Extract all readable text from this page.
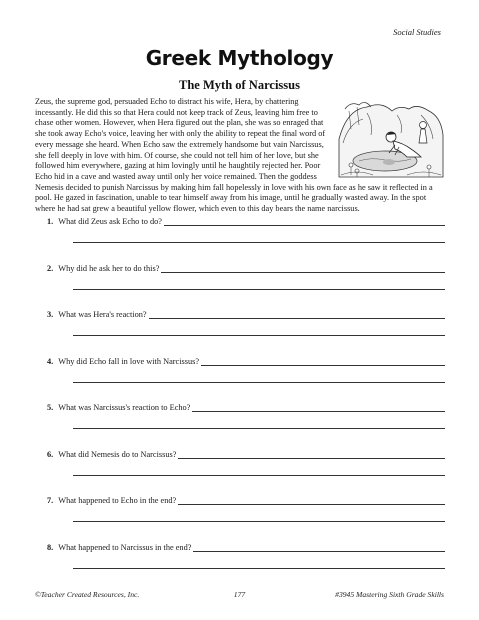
Social Studies
Greek Mythology
The Myth of Narcissus
Zeus, the supreme god, persuaded Echo to distract his wife, Hera, by chattering incessantly. He did this so that Hera could not keep track of Zeus, leaving him free to chase other women. However, when Hera figured out the plan, she was so enraged that she took away Echo's voice, leaving her with only the ability to repeat the final word of every message she heard. When Echo saw the extremely handsome but vain Narcissus, she fell deeply in love with him. Of course, she could not tell him of her love, but she followed him everywhere, gazing at him lovingly until he haughtily rejected her. Poor Echo hid in a cave and wasted away until only her voice remained. Then the goddess Nemesis decided to punish Narcissus by making him fall hopelessly in love with his own face as he saw it reflected in a pool. He gazed in fascination, unable to tear himself away from his image, until he gradually wasted away. In the spot where he had sat grew a beautiful yellow flower, which even to this day bears the name narcissus.
1. What did Zeus ask Echo to do?
2. Why did he ask her to do this?
3. What was Hera's reaction?
4. Why did Echo fall in love with Narcissus?
5. What was Narcissus's reaction to Echo?
6. What did Nemesis do to Narcissus?
7. What happened to Echo in the end?
8. What happened to Narcissus in the end?
©Teacher Created Resources, Inc.	177	#3945 Mastering Sixth Grade Skills
